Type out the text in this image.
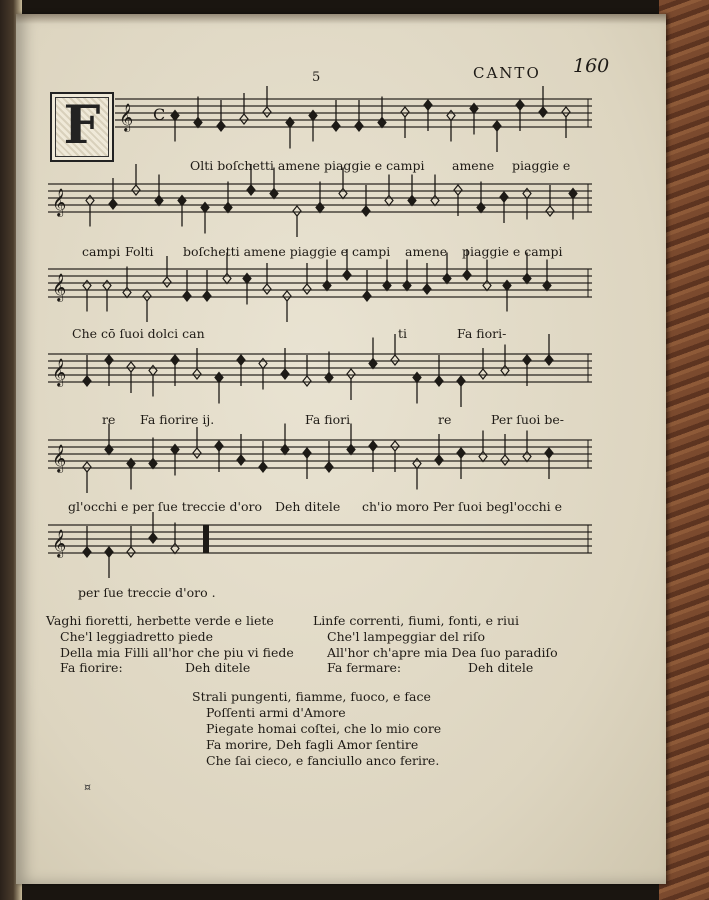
5	CANTO 160
F 𝄞 C
𝄞
𝄞
𝄞
𝄞
𝄞
Olti boſchetti amene piaggie e campi amene piaggie e
campi Folti boſchetti amene piaggie e campi amene piaggie e campi
Che cō ſuoi dolci can	ti	Fa fiori-
re Fa fiorire ij.	Fa fiori	re	Per ſuoi be-
gl'occhi e per ſue treccie d'oro Deh ditele ch'io moro Per ſuoi begl'occhi e
per ſue treccie d'oro .
Vaghi fioretti, herbette verde e liete
Che'l leggiadretto piede
Della mia Filli all'hor che piu vi fiede
Fa fiorire:	Deh ditele
Linfe correnti, fiumi, fonti, e riui
Che'l lampeggiar del riſo
All'hor ch'apre mia Dea ſuo paradiſo
Fa fermare:	Deh ditele
Strali pungenti, fiamme, fuoco, e face
Poſſenti armi d'Amore
Piegate homai coſtei, che lo mio core
Fa morire, Deh fagli Amor ſentire
Che ſai cieco, e fanciullo anco ferire.
¤
